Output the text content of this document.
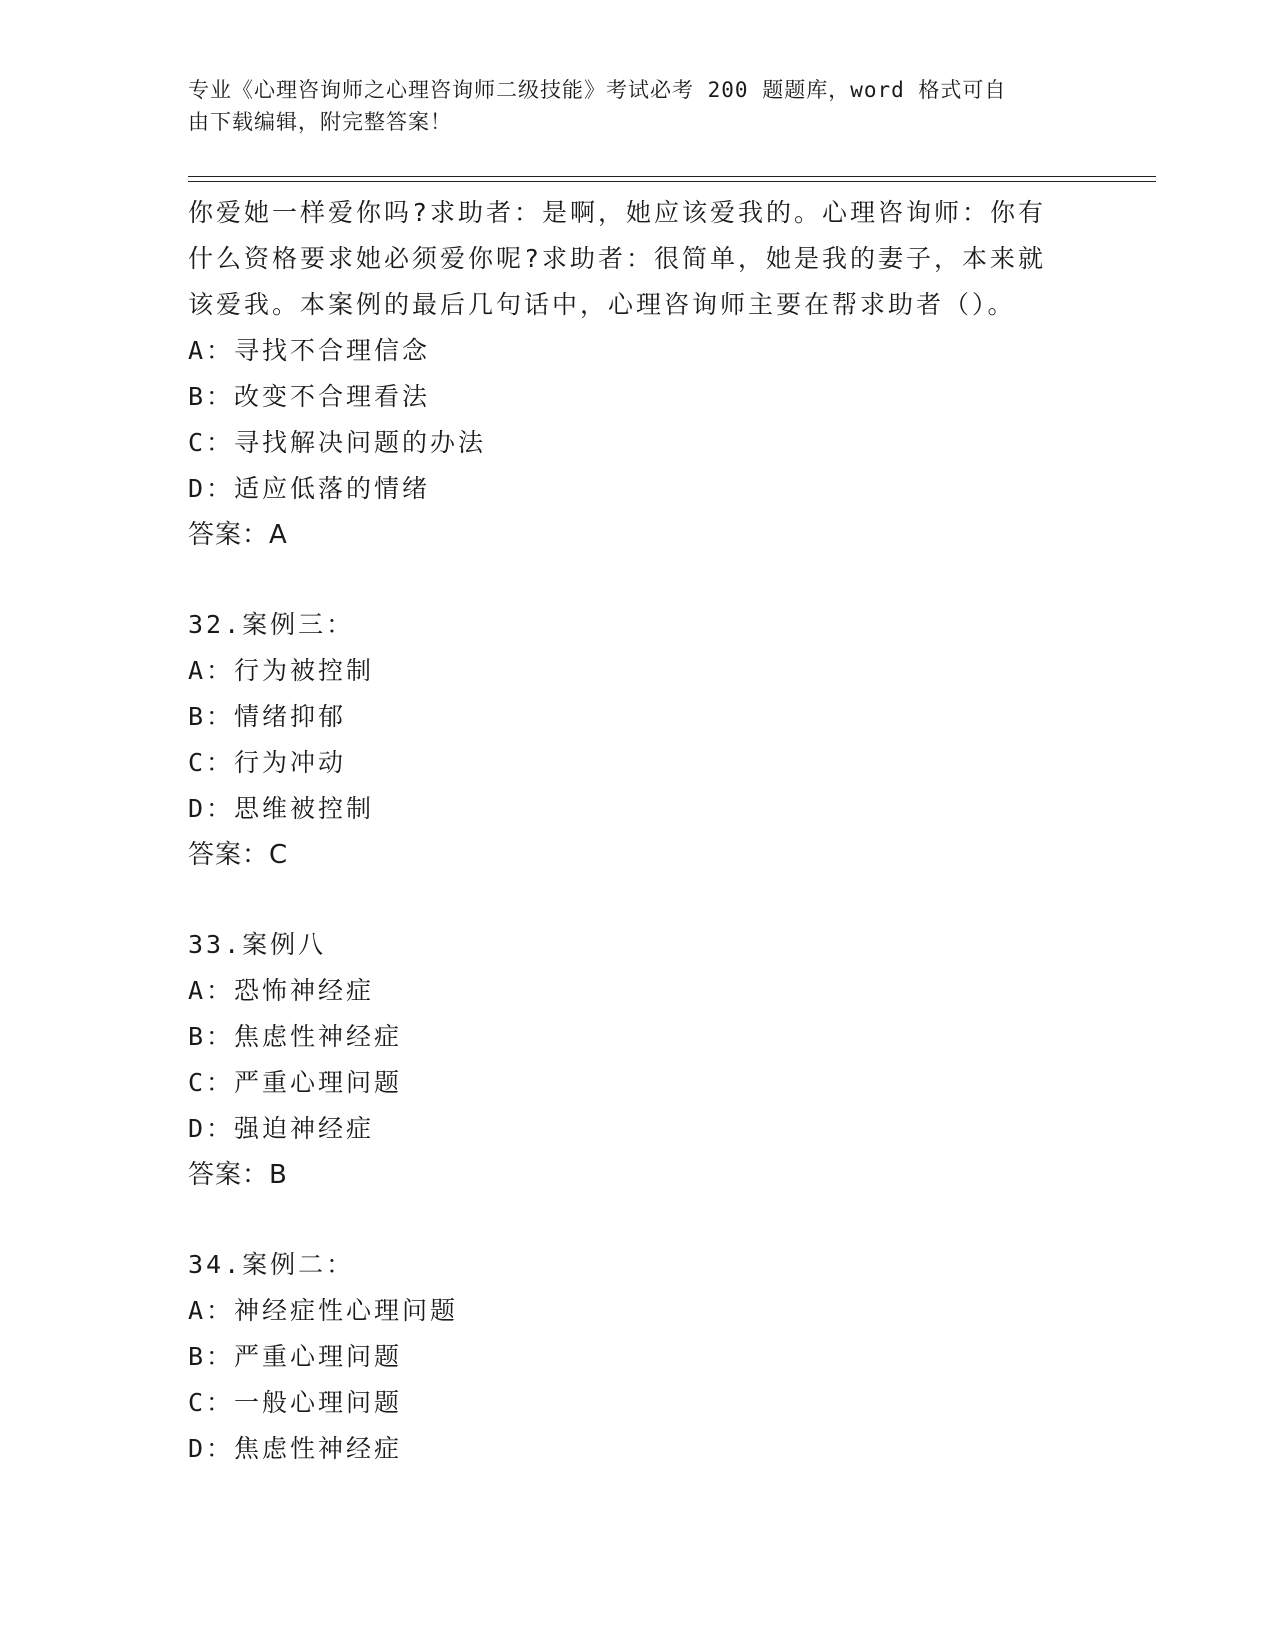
专业《心理咨询师之心理咨询师二级技能》考试必考 200 题题库，word 格式可自
由下载编辑，附完整答案！
你爱她一样爱你吗?求助者：是啊，她应该爱我的。心理咨询师：你有
什么资格要求她必须爱你呢?求助者：很简单，她是我的妻子，本来就
该爱我。本案例的最后几句话中，心理咨询师主要在帮求助者（）。
A：寻找不合理信念
B：改变不合理看法
C：寻找解决问题的办法
D：适应低落的情绪
答案：A
32.案例三：
A：行为被控制
B：情绪抑郁
C：行为冲动
D：思维被控制
答案：C
33.案例八
A：恐怖神经症
B：焦虑性神经症
C：严重心理问题
D：强迫神经症
答案：B
34.案例二：
A：神经症性心理问题
B：严重心理问题
C：一般心理问题
D：焦虑性神经症
